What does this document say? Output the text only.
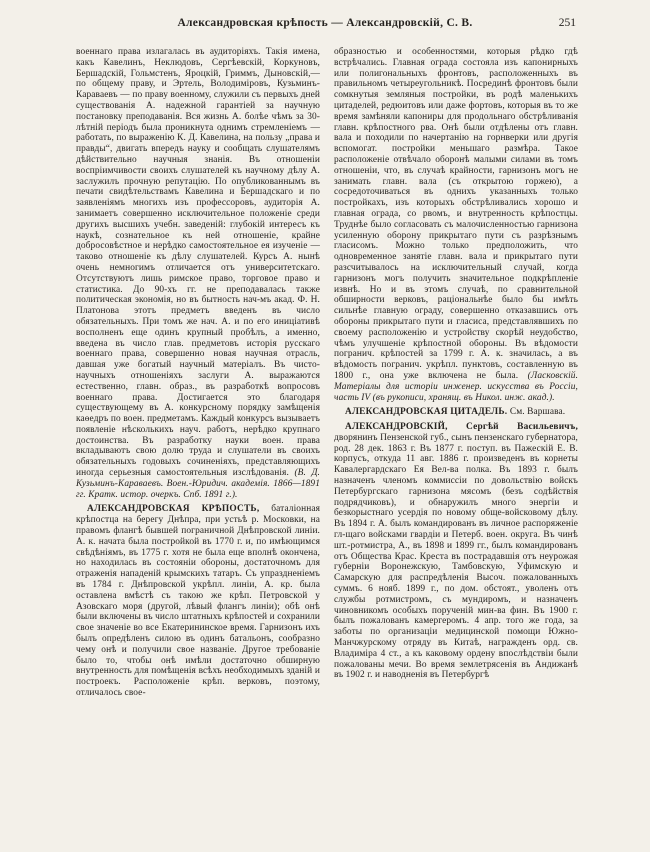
Александровская крѣпость — Александровскій, С. В.	251

военнаго права излагалась въ аудиторіяхъ. Такія имена, какъ Кавелинъ, Неклюдовъ, Сергѣевскій, Коркуновъ, Бершадскій, Гольмстенъ, Яроцкій, Гриммъ, Дыновскій,— по общему праву, и Эртель, Володиміровъ, Кузьминъ-Караваевъ — по праву военному, служили съ первыхъ дней существованія А. надежной гарантіей за научную постановку преподаванія. Вся жизнь А. болѣе чѣмъ за 30-лѣтній періодъ была проникнута однимъ стремленіемъ — работать, по выраженію К. Д. Кавелина, на пользу „права и правды“, двигать впередъ науку и сообщать слушателямъ дѣйствительно научныя знанія. Въ отношеніи воспріимчивости своихъ слушателей къ научному дѣлу А. заслужилъ прочную репутацію. По опубликованнымъ въ печати свидѣтельствамъ Кавелина и Бершадскаго и по заявленіямъ многихъ изъ профессоровъ, аудиторія А. занимаетъ совершенно исключительное положеніе среди другихъ высшихъ учебн. заведеній: глубокій интересъ къ наукѣ, сознательное къ ней отношеніе, крайне добросовѣстное и нерѣдко самостоятельное ея изученіе — таково отношеніе къ дѣлу слушателей. Курсъ А. нынѣ очень немногимъ отличается отъ университетскаго. Отсутствуютъ лишь римское право, торговое право и статистика. До 90-хъ гг. не преподавалась также политическая экономія, но въ бытность нач-мъ акад. Ф. Н. Платонова этотъ предметъ введенъ въ число обязательныхъ. При томъ же нач. А. и по его иниціативѣ восполненъ еще одинъ крупный пробѣлъ, а именно, введена въ число глав. предметовъ исторія русскаго военнаго права, совершенно новая научная отрасль, давшая уже богатый научный матеріалъ. Въ чисто-научныхъ отношеніяхъ заслуги А. выражаются естественно, главн. образ., въ разработкѣ вопросовъ военнаго права. Достигается это благодаря существующему въ А. конкурсному порядку замѣщенія каѳедръ по воен. предметамъ. Каждый конкурсъ вызываетъ появленіе нѣсколькихъ науч. работъ, нерѣдко крупнаго достоинства. Въ разработку науки воен. права вкладываютъ свою долю труда и слушатели въ своихъ обязательныхъ годовыхъ сочиненіяхъ, представляющихъ иногда серьезныя самостоятельныя изслѣдованія. (В. Д. Кузьминъ-Караваевъ. Воен.-Юридич. академія. 1866—1891 гг. Кратк. истор. очеркъ. Спб. 1891 г.).

АЛЕКСАНДРОВСКАЯ КРѢПОСТЬ, баталіонная крѣпостца на берегу Днѣпра, при устьѣ р. Московки, на правомъ флангѣ бывшей пограничной Днѣпровской линіи. А. к. начата была постройкой въ 1770 г. и, по имѣющимся свѣдѣніямъ, въ 1775 г. хотя не была еще вполнѣ окончена, но находилась въ состояніи обороны, достаточномъ для отраженія нападеній крымскихъ татаръ. Съ упраздненіемъ въ 1784 г. Днѣпровской укрѣпл. линіи, А. кр. была оставлена вмѣстѣ съ такою же крѣп. Петровской у Азовскаго моря (другой, лѣвый флангъ линіи); обѣ онѣ были включены въ число штатныхъ крѣпостей и сохранили свое значеніе во все Екатерининское время. Гарнизонъ ихъ былъ опредѣленъ силою въ одинъ батальонъ, сообразно чему онѣ и получили свое названіе. Другое требованіе было то, чтобы онѣ имѣли достаточно обширную внутренность для помѣщенія всѣхъ необходимыхъ зданій и построекъ. Расположеніе крѣп. верковъ, поэтому, отличалось свое-

образностью и особенностями, которыя рѣдко гдѣ встрѣчались. Главная ограда состояла изъ капонирныхъ или полигональныхъ фронтовъ, расположенныхъ въ правильномъ четыреугольникѣ. Посрединѣ фронтовъ были сомкнутыя земляныя постройки, въ родѣ маленькихъ цитаделей, редюитовъ или даже фортовъ, которыя въ то же время замѣняли капониры для продольнаго обстрѣливанія главн. крѣпостного рва. Онѣ были отдѣлены отъ главн. вала и походили по начертанію на горнверки или другія вспомогат. постройки меньшаго размѣра. Такое расположеніе отвѣчало оборонѣ малыми силами въ томъ отношеніи, что, въ случаѣ крайности, гарнизонъ могъ не занимать главн. вала (съ открытою горжею), а сосредоточиваться въ однихъ указанныхъ только постройкахъ, изъ которыхъ обстрѣливались хорошо и главная ограда, со рвомъ, и внутренность крѣпостцы. Труднѣе было согласовать съ малочисленностью гарнизона усиленную оборону прикрытаго пути съ разрѣзнымъ гласисомъ. Можно только предположить, что одновременное занятіе главн. вала и прикрытаго пути разсчитывалось на исключительный случай, когда гарнизонъ могъ получить значительное подкрѣпленіе извнѣ. Но и въ этомъ случаѣ, по сравнительной обширности верковъ, раціональнѣе было бы имѣть сильнѣе главную ограду, совершенно отказавшись отъ обороны прикрытаго пути и гласиса, представлявшихъ по своему расположенію и устройству скорѣй неудобство, чѣмъ улучшеніе крѣпостной обороны. Въ вѣдомости погранич. крѣпостей за 1799 г. А. к. значилась, а въ вѣдомость погранич. укрѣпл. пунктовъ, составленную въ 1800 г., она уже включена не была. (Ласковскій. Матеріалы для исторіи инженер. искусства въ Россіи, часть IV (въ рукописи, хранящ. въ Никол. инж. акад.).

АЛЕКСАНДРОВСКАЯ ЦИТАДЕЛЬ. См. Варшава.

АЛЕКСАНДРОВСКІЙ, Сергѣй Васильевичъ, дворянинъ Пензенской губ., сынъ пензенскаго губернатора, род. 28 дек. 1863 г. Въ 1877 г. поступ. въ Пажескій Е. В. корпусъ, откуда 11 авг. 1886 г. произведенъ въ корнеты Кавалергардскаго Ея Вел-ва полка. Въ 1893 г. былъ назначенъ членомъ коммиссіи по довольствію войскъ Петербургскаго гарнизона мясомъ (безъ содѣйствія подрядчиковъ), и обнаружилъ много энергіи и безкорыстнаго усердія по новому обще-войсковому дѣлу. Въ 1894 г. А. былъ командированъ въ личное распоряженіе гл-щаго войсками гвардіи и Петерб. воен. округа. Въ чинѣ шт.-ротмистра, А., въ 1898 и 1899 гг., былъ командированъ отъ Общества Крас. Креста въ пострадавшія отъ неурожая губерніи Воронежскую, Тамбовскую, Уфимскую и Самарскую для распредѣленія Высоч. пожалованныхъ суммъ. 6 нояб. 1899 г., по дом. обстоят., уволенъ отъ службы ротмистромъ, съ мундиромъ, и назначенъ чиновникомъ особыхъ порученій мин-ва фин. Въ 1900 г. былъ пожалованъ камергеромъ. 4 апр. того же года, за заботы по организаціи медицинской помощи Южно-Манчжурскому отряду въ Китаѣ, награжденъ орд. св. Владиміра 4 ст., а къ каковому ордену впослѣдствіи были пожалованы мечи. Во время землетрясенія въ Андижанѣ въ 1902 г. и наводненія въ Петербургѣ
